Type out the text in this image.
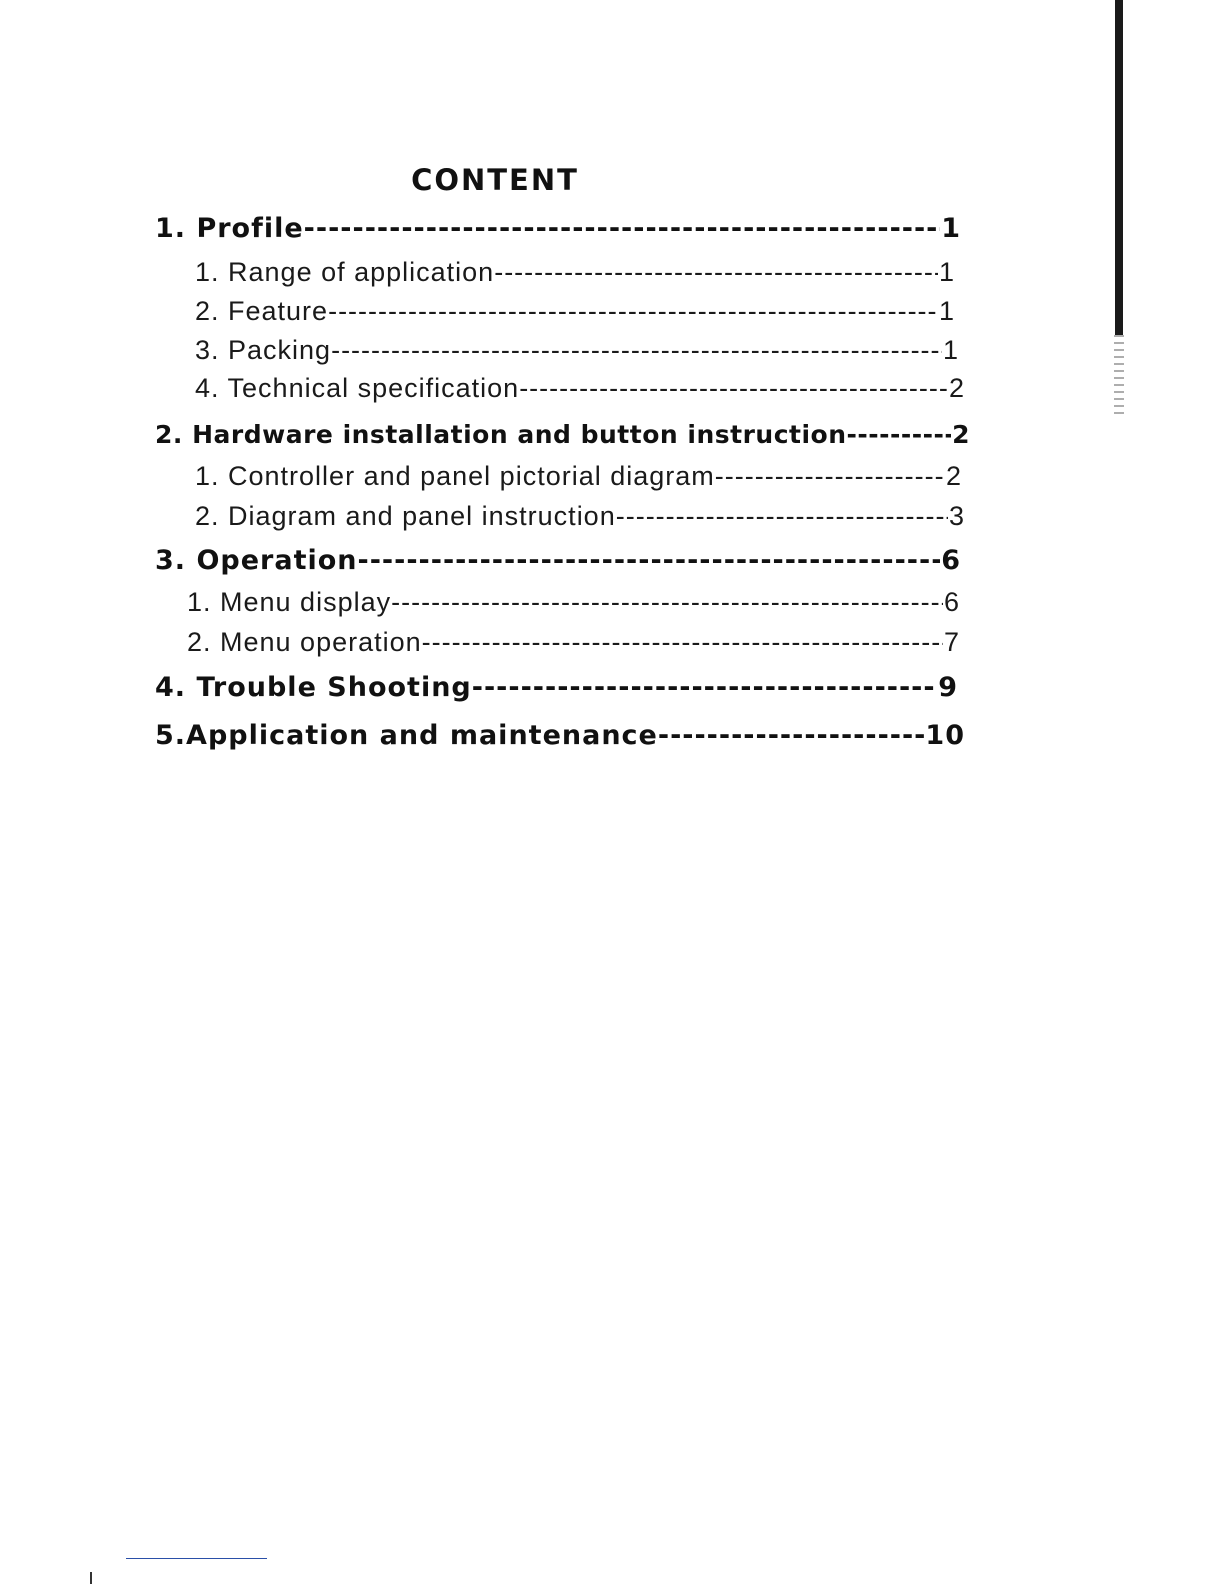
CONTENT
1. Profile -----	1
1. Range of application -----	1
2. Feature -----	1
3. Packing -----	1
4. Technical specification -----	2
2. Hardware installation and button instruction -----	2
1. Controller and panel pictorial diagram -----	2
2. Diagram and panel instruction -----	3
3. Operation -----	6
1. Menu display -----	6
2. Menu operation -----	7
4. Trouble Shooting -----	9
5.Application and maintenance -----	10
